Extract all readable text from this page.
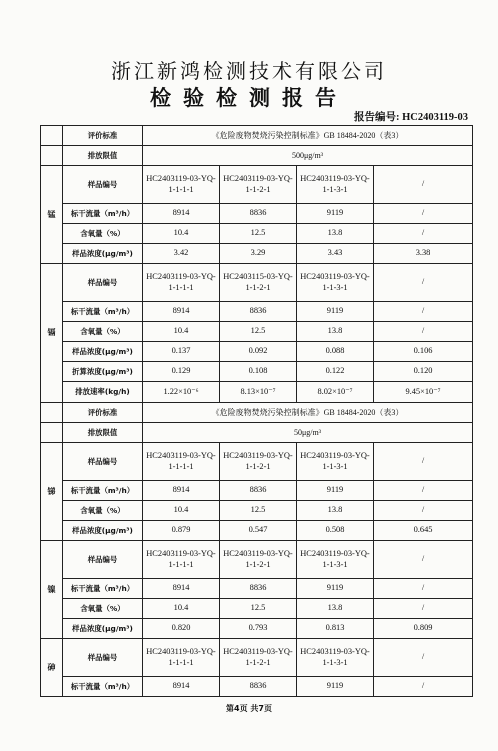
浙江新鸿检测技术有限公司
检验检测报告
报告编号: HC2403119-03
	评价标准	《危险废物焚烧污染控制标准》GB 18484-2020（表3）			
	排放限值	500μg/m³			
锰	样品编号	HC2403119-03-YQ-1-1-1-1	HC2403119-03-YQ-1-1-2-1	HC2403119-03-YQ-1-1-3-1	/
	标干流量（m³/h）	8914	8836	9119	/
	含氧量（%）	10.4	12.5	13.8	/
	样品浓度(μg/m³)	3.42	3.29	3.43	3.38
镉	样品编号	HC2403119-03-YQ-1-1-1-1	HC2403115-03-YQ-1-1-2-1	HC2403119-03-YQ-1-1-3-1	/
	标干流量（m³/h）	8914	8836	9119	/
	含氧量（%）	10.4	12.5	13.8	/
	样品浓度(μg/m³)	0.137	0.092	0.088	0.106
	折算浓度(μg/m³)	0.129	0.108	0.122	0.120
	排放速率(kg/h)	1.22×10⁻⁶	8.13×10⁻⁷	8.02×10⁻⁷	9.45×10⁻⁷
	评价标准	《危险废物焚烧污染控制标准》GB 18484-2020（表3）			
	排放限值	50μg/m³			
锑	样品编号	HC2403119-03-YQ-1-1-1-1	HC2403119-03-YQ-1-1-2-1	HC2403119-03-YQ-1-1-3-1	/
	标干流量（m³/h）	8914	8836	9119	/
	含氧量（%）	10.4	12.5	13.8	/
	样品浓度(μg/m³)	0.879	0.547	0.508	0.645
镍	样品编号	HC2403119-03-YQ-1-1-1-1	HC2403119-03-YQ-1-1-2-1	HC2403119-03-YQ-1-1-3-1	/
	标干流量（m³/h）	8914	8836	9119	/
	含氧量（%）	10.4	12.5	13.8	/
	样品浓度(μg/m³)	0.820	0.793	0.813	0.809
砷	样品编号	HC2403119-03-YQ-1-1-1-1	HC2403119-03-YQ-1-1-2-1	HC2403119-03-YQ-1-1-3-1	/
	标干流量（m³/h）	8914	8836	9119	/
第4页 共7页
